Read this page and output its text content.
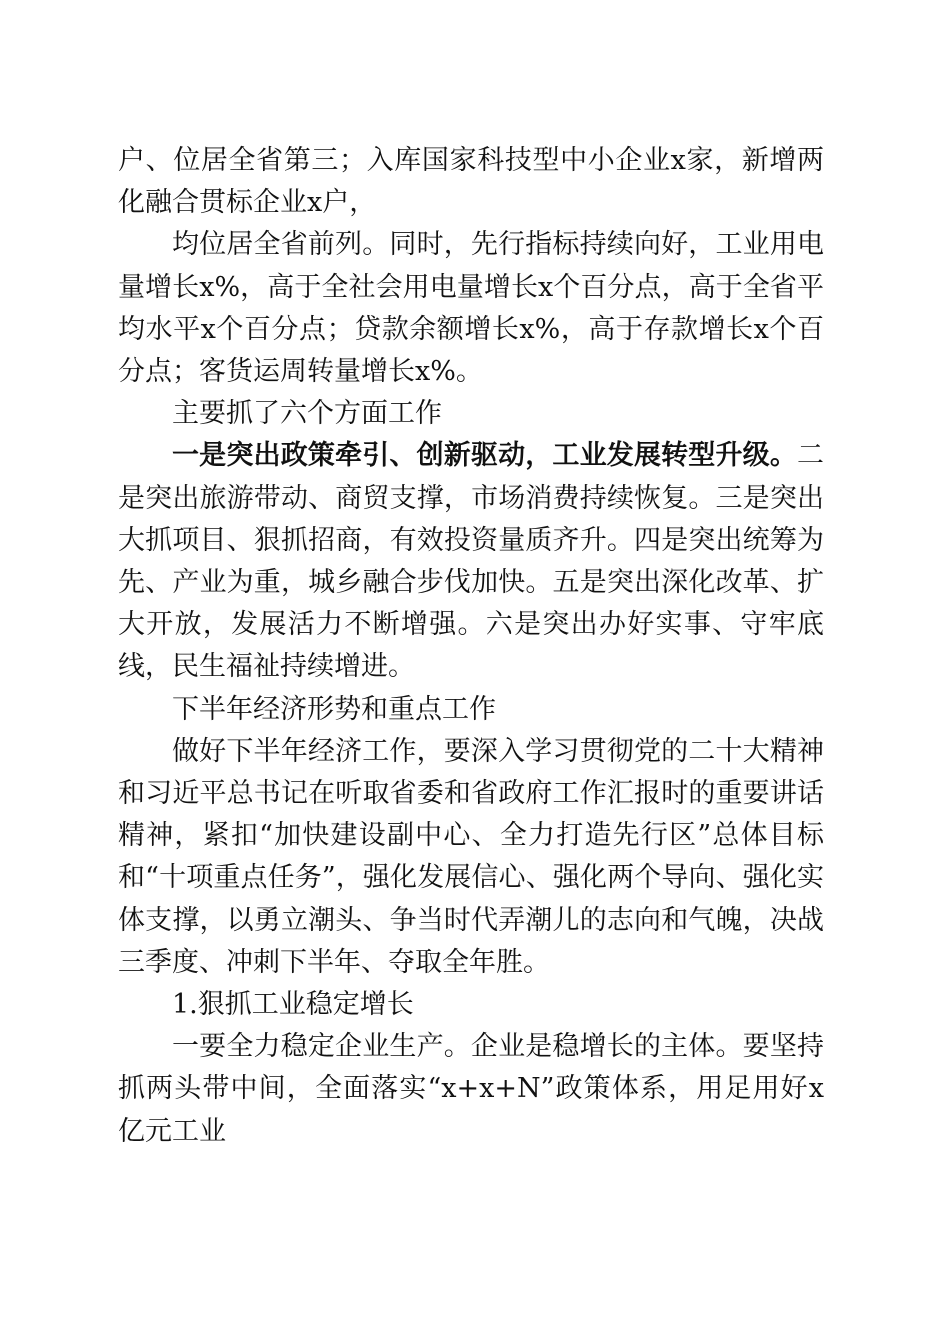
户、位居全省第三；入库国家科技型中小企业x家，新增两化融合贯标企业x户，

均位居全省前列。同时，先行指标持续向好，工业用电量增长x%，高于全社会用电量增长x个百分点，高于全省平均水平x个百分点；贷款余额增长x%，高于存款增长x个百分点；客货运周转量增长x%。

主要抓了六个方面工作

一是突出政策牵引、创新驱动，工业发展转型升级。二是突出旅游带动、商贸支撑，市场消费持续恢复。三是突出大抓项目、狠抓招商，有效投资量质齐升。四是突出统筹为先、产业为重，城乡融合步伐加快。五是突出深化改革、扩大开放，发展活力不断增强。六是突出办好实事、守牢底线，民生福祉持续增进。

下半年经济形势和重点工作

做好下半年经济工作，要深入学习贯彻党的二十大精神和习近平总书记在听取省委和省政府工作汇报时的重要讲话精神，紧扣“加快建设副中心、全力打造先行区”总体目标和“十项重点任务”，强化发展信心、强化两个导向、强化实体支撑，以勇立潮头、争当时代弄潮儿的志向和气魄，决战三季度、冲刺下半年、夺取全年胜。

1.狠抓工业稳定增长

一要全力稳定企业生产。企业是稳增长的主体。要坚持抓两头带中间，全面落实“x+x+N”政策体系，用足用好x亿元工业
